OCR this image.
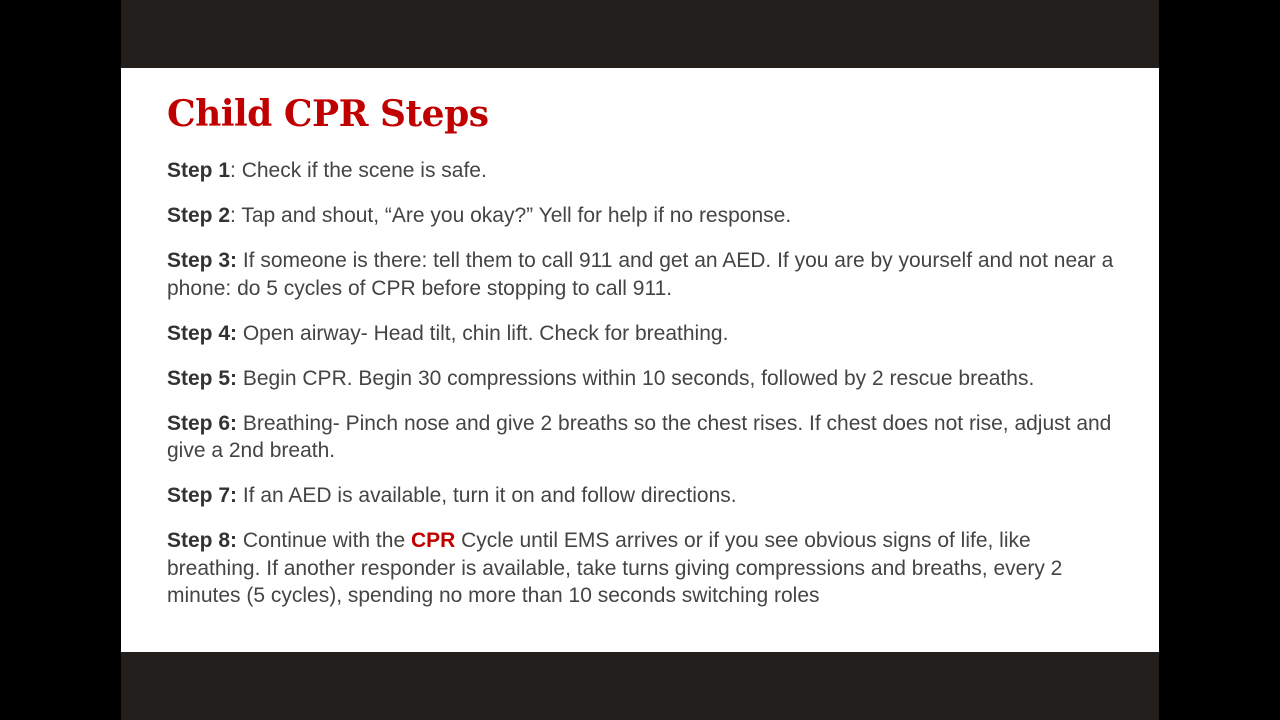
Child CPR Steps

Step 1: Check if the scene is safe.

Step 2: Tap and shout, “Are you okay?” Yell for help if no response.

Step 3: If someone is there: tell them to call 911 and get an AED. If you are by yourself and not near a phone: do 5 cycles of CPR before stopping to call 911.

Step 4: Open airway- Head tilt, chin lift. Check for breathing.

Step 5: Begin CPR. Begin 30 compressions within 10 seconds, followed by 2 rescue breaths.

Step 6: Breathing- Pinch nose and give 2 breaths so the chest rises. If chest does not rise, adjust and give a 2nd breath.

Step 7: If an AED is available, turn it on and follow directions.

Step 8: Continue with the CPR Cycle until EMS arrives or if you see obvious signs of life, like breathing. If another responder is available, take turns giving compressions and breaths, every 2 minutes (5 cycles), spending no more than 10 seconds switching roles
